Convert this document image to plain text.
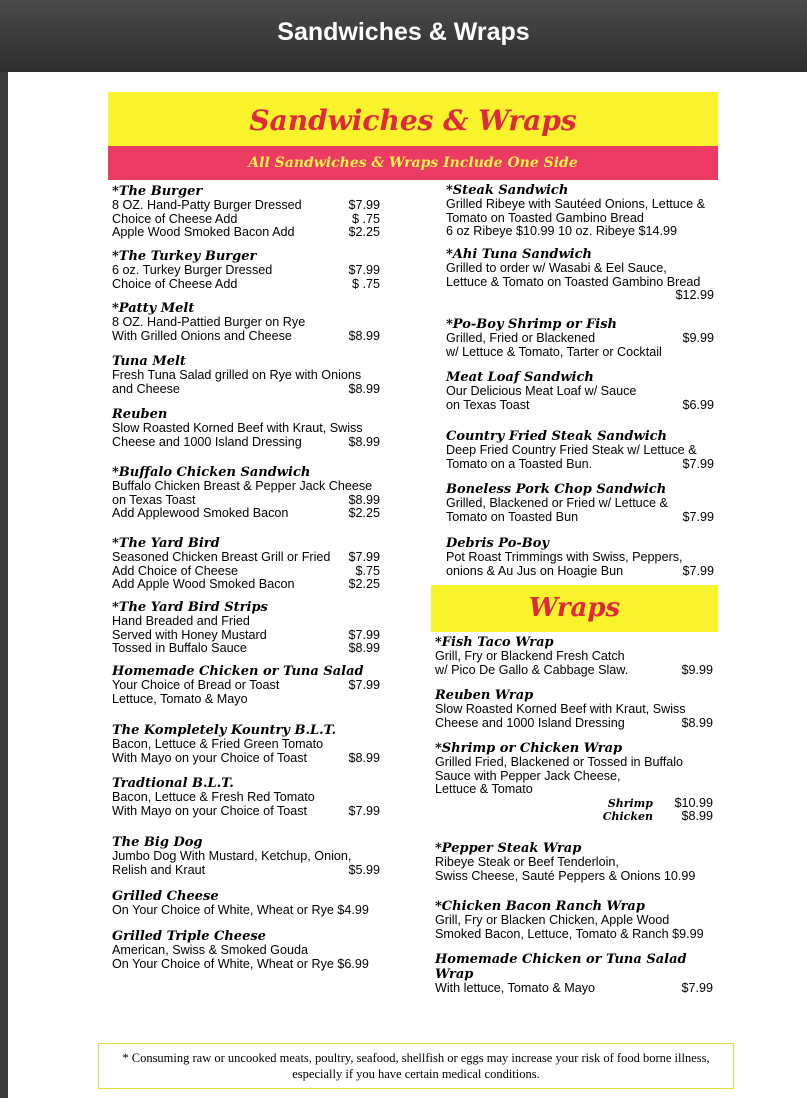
Sandwiches & Wraps
Sandwiches & Wraps
All Sandwiches & Wraps Include One Side
Wraps
*The Burger
8 OZ. Hand-Patty Burger Dressed	$7.99

Choice of Cheese Add	$ .75

Apple Wood Smoked Bacon Add	$2.25

*The Turkey Burger
6 oz. Turkey Burger Dressed	$7.99

Choice of Cheese Add	$ .75

*Patty Melt
8 OZ. Hand-Pattied Burger on Rye

With Grilled Onions and Cheese	$8.99

Tuna Melt
Fresh Tuna Salad grilled on Rye with Onions

and Cheese	$8.99

Reuben
Slow Roasted Korned Beef with Kraut, Swiss

Cheese and 1000 Island Dressing	$8.99

*Buffalo Chicken Sandwich
Buffalo Chicken Breast & Pepper Jack Cheese

on Texas Toast	$8.99

Add Applewood Smoked Bacon	$2.25

*The Yard Bird
Seasoned Chicken Breast Grill or Fried $7.99

Add Choice of Cheese	$.75

Add Apple Wood Smoked Bacon	$2.25

*The Yard Bird Strips
Hand Breaded and Fried

Served with Honey Mustard	$7.99

Tossed in Buffalo Sauce	$8.99

Homemade Chicken or Tuna Salad
Your Choice of Bread or Toast	$7.99

Lettuce, Tomato & Mayo

The Kompletely Kountry B.L.T.
Bacon, Lettuce & Fried Green Tomato

With Mayo on your Choice of Toast	$8.99

Tradtional B.L.T.
Bacon, Lettuce & Fresh Red Tomato

With Mayo on your Choice of Toast	$7.99

The Big Dog
Jumbo Dog With Mustard, Ketchup, Onion,

Relish and Kraut	$5.99

Grilled Cheese
On Your Choice of White, Wheat or Rye $4.99

Grilled Triple Cheese
American, Swiss & Smoked Gouda

On Your Choice of White, Wheat or Rye $6.99

*Steak Sandwich
Grilled Ribeye with Sautéed Onions, Lettuce &

Tomato on Toasted Gambino Bread

6 oz Ribeye $10.99 10 oz. Ribeye $14.99

*Ahi Tuna Sandwich
Grilled to order w/ Wasabi & Eel Sauce,

Lettuce & Tomato on Toasted Gambino Bread

$12.99

*Po-Boy Shrimp or Fish
Grilled, Fried or Blackened	$9.99

w/ Lettuce & Tomato, Tarter or Cocktail

Meat Loaf Sandwich
Our Delicious Meat Loaf w/ Sauce

on Texas Toast	$6.99

Country Fried Steak Sandwich
Deep Fried Country Fried Steak w/ Lettuce &

Tomato on a Toasted Bun.	$7.99

Boneless Pork Chop Sandwich
Grilled, Blackened or Fried w/ Lettuce &

Tomato on Toasted Bun	$7.99

Debris Po-Boy
Pot Roast Trimmings with Swiss, Peppers,

onions & Au Jus on Hoagie Bun	$7.99

*Fish Taco Wrap
Grill, Fry or Blackend Fresh Catch

w/ Pico De Gallo & Cabbage Slaw.	$9.99

Reuben Wrap
Slow Roasted Korned Beef with Kraut, Swiss

Cheese and 1000 Island Dressing	$8.99

*Shrimp or Chicken Wrap
Grilled Fried, Blackened or Tossed in Buffalo

Sauce with Pepper Jack Cheese,

Lettuce & Tomato

Shrimp $10.99

Chicken $8.99

*Pepper Steak Wrap
Ribeye Steak or Beef Tenderloin,

Swiss Cheese, Sauté Peppers & Onions 10.99

*Chicken Bacon Ranch Wrap
Grill, Fry or Blacken Chicken, Apple Wood

Smoked Bacon, Lettuce, Tomato & Ranch $9.99

Homemade Chicken or Tuna Salad Wrap
With lettuce, Tomato & Mayo	$7.99

* Consuming raw or uncooked meats, poultry, seafood, shellfish or eggs may increase your risk of food borne illness, especially if you have certain medical conditions.
